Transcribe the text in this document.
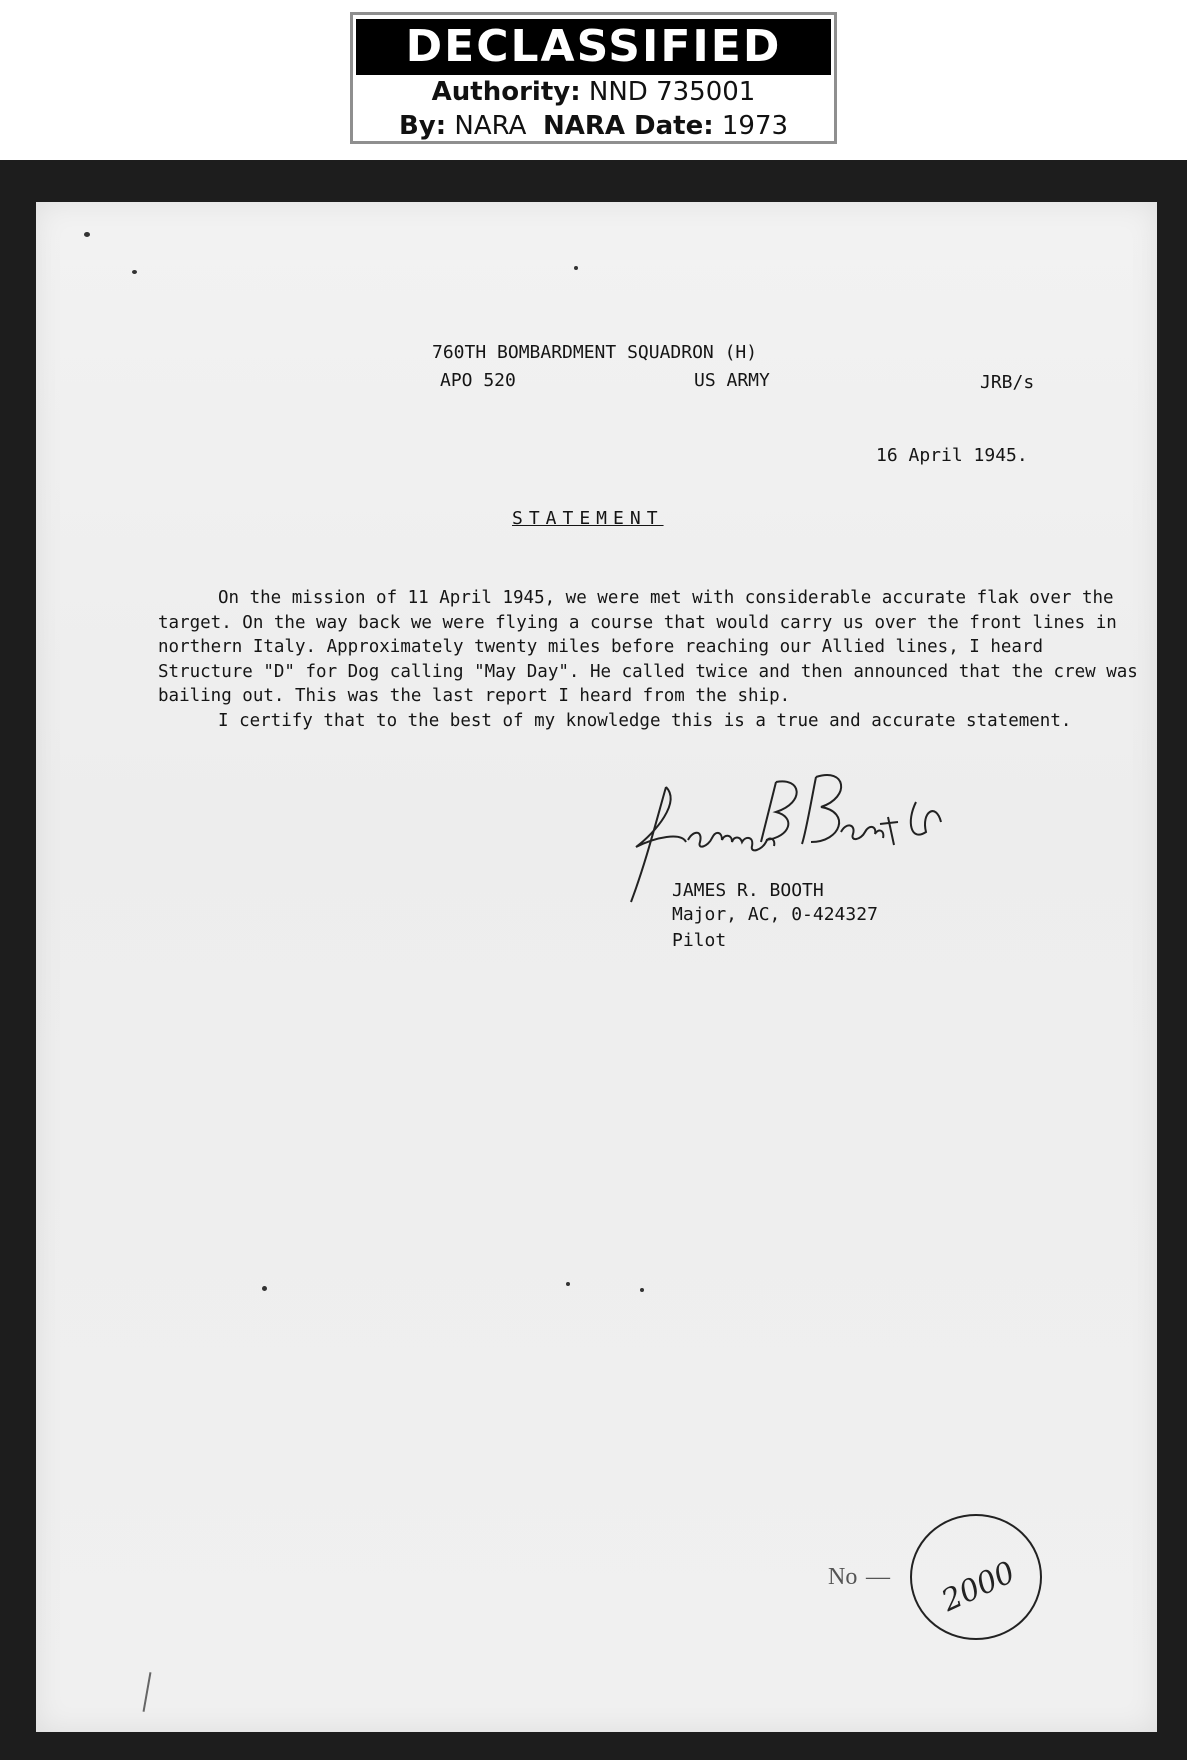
DECLASSIFIED
Authority: NND 735001
By: NARA NARA Date: 1973
760TH BOMBARDMENT SQUADRON (H)
APO 520	US ARMY	JRB/s
16 April 1945.
STATEMENT

On the mission of 11 April 1945, we were met with considerable accurate flak over the target. On the way back we were flying a course that would carry us over the front lines in northern Italy. Approximately twenty miles before reaching our Allied lines, I heard Structure "D" for Dog calling "May Day". He called twice and then announced that the crew was bailing out. This was the last report I heard from the ship.

I certify that to the best of my knowledge this is a true and accurate statement.

JAMES R. BOOTH
Major, AC, 0-424327
Pilot
No — 2000
